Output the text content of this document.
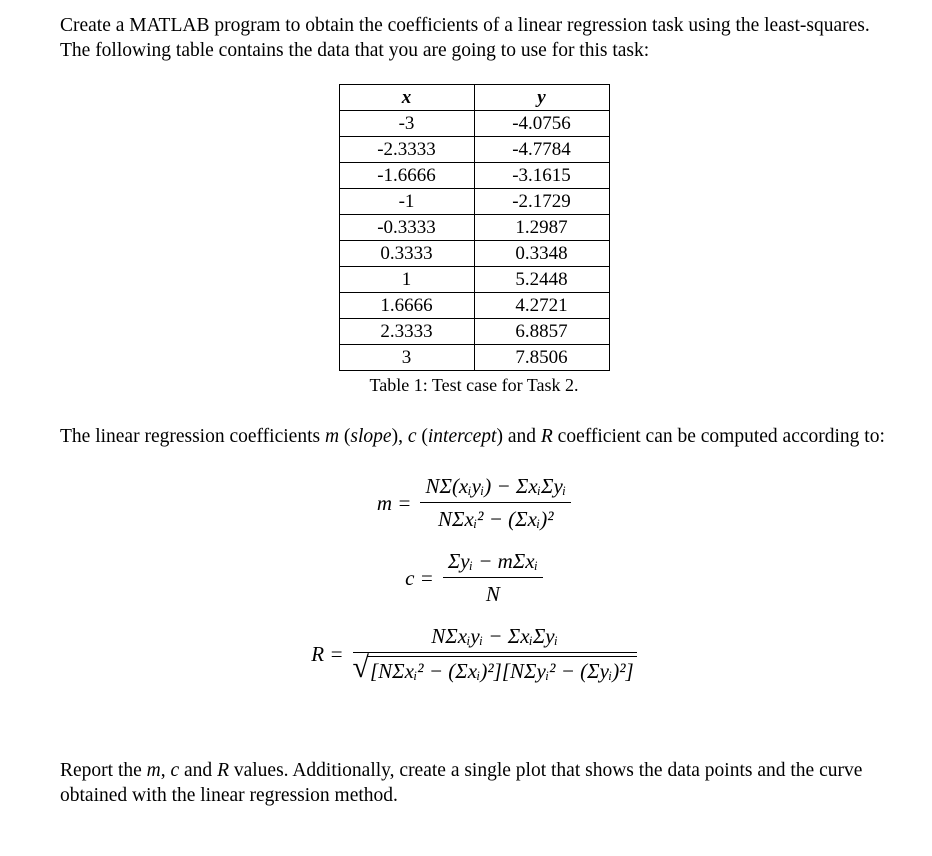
Create a MATLAB program to obtain the coefficients of a linear regression task using the least-squares. The following table contains the data that you are going to use for this task:

x	y
-3	-4.0756
-2.3333	-4.7784
-1.6666	-3.1615
-1	-2.1729
-0.3333	1.2987
0.3333	0.3348
1	5.2448
1.6666	4.2721
2.3333	6.8857
3	7.8506
Table 1: Test case for Task 2.

The linear regression coefficients m (slope), c (intercept) and R coefficient can be computed according to:

$m = \frac{\text{NΣ(xᵢyᵢ) − ΣxᵢΣyᵢ}}{\text{NΣxᵢ² − (Σxᵢ)²}}$
$c = \frac{\text{Σyᵢ − mΣxᵢ}}{N}$
$R = \frac{\text{NΣxᵢyᵢ − ΣxᵢΣyᵢ}}{\text{√ [NΣxᵢ² − (Σxᵢ)²][NΣyᵢ² − (Σyᵢ)²]}}$

Report the m, c and R values. Additionally, create a single plot that shows the data points and the curve obtained with the linear regression method.
